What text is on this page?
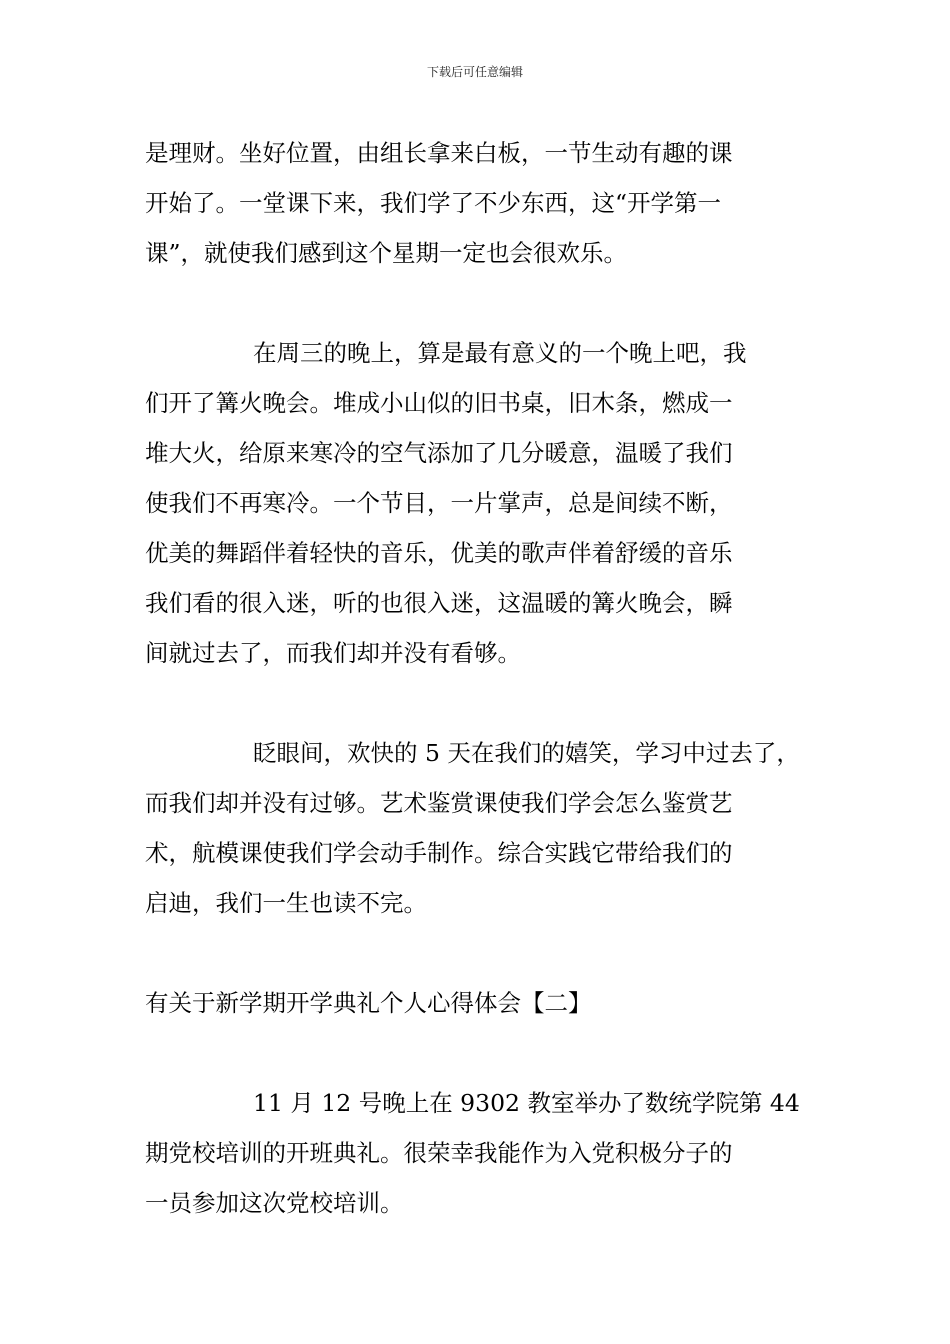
下载后可任意编辑
是理财。坐好位置，由组长拿来白板，一节生动有趣的课
开始了。一堂课下来，我们学了不少东西，这“开学第一
课”，就使我们感到这个星期一定也会很欢乐。
在周三的晚上，算是最有意义的一个晚上吧，我
们开了篝火晚会。堆成小山似的旧书桌，旧木条，燃成一
堆大火，给原来寒冷的空气添加了几分暖意，温暖了我们
使我们不再寒冷。一个节目，一片掌声，总是间续不断，
优美的舞蹈伴着轻快的音乐，优美的歌声伴着舒缓的音乐
我们看的很入迷，听的也很入迷，这温暖的篝火晚会，瞬
间就过去了，而我们却并没有看够。
眨眼间，欢快的 5 天在我们的嬉笑，学习中过去了，
而我们却并没有过够。艺术鉴赏课使我们学会怎么鉴赏艺
术，航模课使我们学会动手制作。综合实践它带给我们的
启迪，我们一生也读不完。
有关于新学期开学典礼个人心得体会【二】
11 月 12 号晚上在 9302 教室举办了数统学院第 44
期党校培训的开班典礼。很荣幸我能作为入党积极分子的
一员参加这次党校培训。
